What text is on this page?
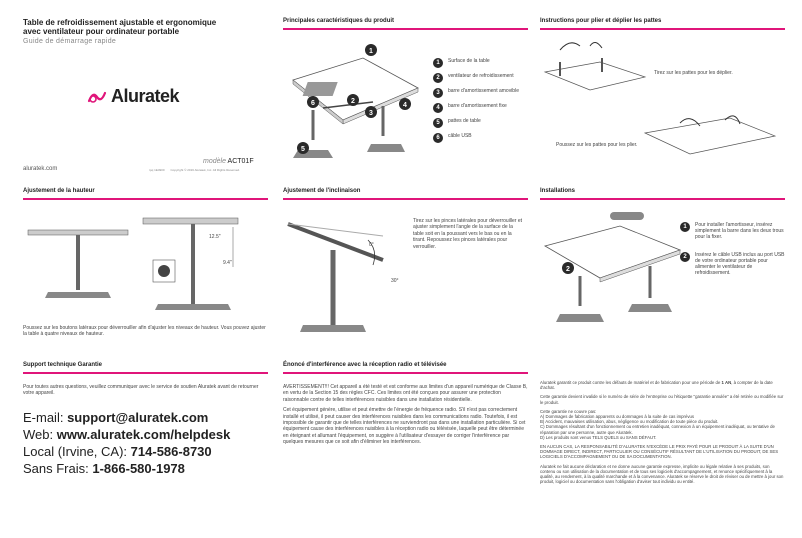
Table de refroidissement ajustable et ergonomique
avec ventilateur pour ordinateur portable
Guide de démarrage rapide
Aluratek
aluratek.com
modèle ACT01F
rpq 1E4900 Copyright © 2016 Aluratek, Inc. All Rights Reserved.
Principales caractéristiques du produit
1
2
3
4
5
6
1	Surface de la table
2	ventilateur de refroidissement
3	barre d'amortissement amovible
4	barre d'amortissement fixe
5	pattes de table
6	câble USB
Instructions pour plier et déplier les pattes
Tirez sur les pattes pour les déplier.
Poussez sur les pattes pour les plier.
Ajustement de la hauteur
12.5"
9.4"
Poussez sur les boutons latéraux pour déverrouiller afin d'ajuster les niveaux de hauteur. Vous pouvez ajuster la table à quatre niveaux de hauteur.
Ajustement de l'inclinaison
0°
30°
Tirez sur les pinces latérales pour déverrouiller et ajuster simplement l'angle de la surface de la table soit en la poussant vers le bas ou en la tirant. Repoussez les pinces latérales pour verrouiller.
Installations
2
1	Pour installer l'amortisseur, insérez simplement la barre dans les deux trous pour la fixer.
2	Insérez le câble USB inclus au port USB de votre ordinateur portable pour alimenter le ventilateur de refroidissement.
Support technique Garantie
Pour toutes autres questions, veuillez communiquer avec le service de soutien Aluratek avant de retourner votre appareil.
E-mail: support@aluratek.com
Web: www.aluratek.com/helpdesk
Local (Irvine, CA): 714-586-8730
Sans Frais: 1-866-580-1978
Énoncé d'interférence avec la réception radio et télévisée

AVERTISSEMENT!!! Cet appareil a été testé et est conforme aux limites d'un appareil numérique de Classe B, en vertu de la Section 15 des règles CFC. Ces limites ont été conçues pour assurer une protection raisonnable contre de telles interférences nuisibles dans une installation résidentielle.

Cet équipement génère, utilise et peut émettre de l'énergie de fréquence radio. S'il n'est pas correctement installé et utilisé, il peut causer des interférences nuisibles dans les communications radio. Toutefois, il est impossible de garantir que de telles interférences ne surviendront pas dans une installation particulière. Si cet équipement cause des interférences nuisibles à la réception radio ou télévisée, laquelle peut être déterminée en éteignant et allumant l'équipement, on suggère à l'utilisateur d'essayer de corriger l'interférence par quelques mesures que ce soit afin d'éliminer les interférences.

Aluratek garantit ce produit contre les défauts de matériel et de fabrication pour une période de 1 AN, à compter de la date d'achat.

Cette garantie devient invalide si le numéro de série de l'entreprise ou l'étiquette "garantie annulée" a été retirée ou modifiée sur le produit.

Cette garantie ne couvre pas:
A) Dommages de fabrication apparents ou dommages à la suite de cas imprévus
B) Accident, mauvaises utilisation, abus, négligence ou modification de toute pièce du produit.
C) Dommages résultant d'un fonctionnement ou entretien inadéquat, connexion à un équipement inadéquat, ou tentative de réparation par une personne, autre que Aluratek.
D) Les produits sont venus TELS QUELS ou SANS DÉFAUT.

EN AUCUN CAS, LA RESPONSABILITÉ D'ALURATEK N'EXCÈDE LE PRIX PAYÉ POUR LE PRODUIT À LA SUITE D'UN DOMMAGE DIRECT, INDIRECT, PARTICULIER OU CONSÉCUTIF RÉSULTANT DE L'UTILISATION DU PRODUIT, DE SES LOGICIELS D'ACCOMPAGNEMENT OU DE SA DOCUMENTATION.

Aluratek ne fait aucune déclaration et ne donne aucune garantie expresse, implicite ou légale relative à ses produits, son contenu ou son utilisation de la documentation et de tous ses logiciels d'accompagnement, et renonce spécifiquement à la qualité, au rendement, à la qualité marchande et à la convenance. Aluratek se réserve le droit de réviser ou de mettre à jour son produit, logiciel ou documentation sans l'obligation d'aviser tout individu ou entité.
